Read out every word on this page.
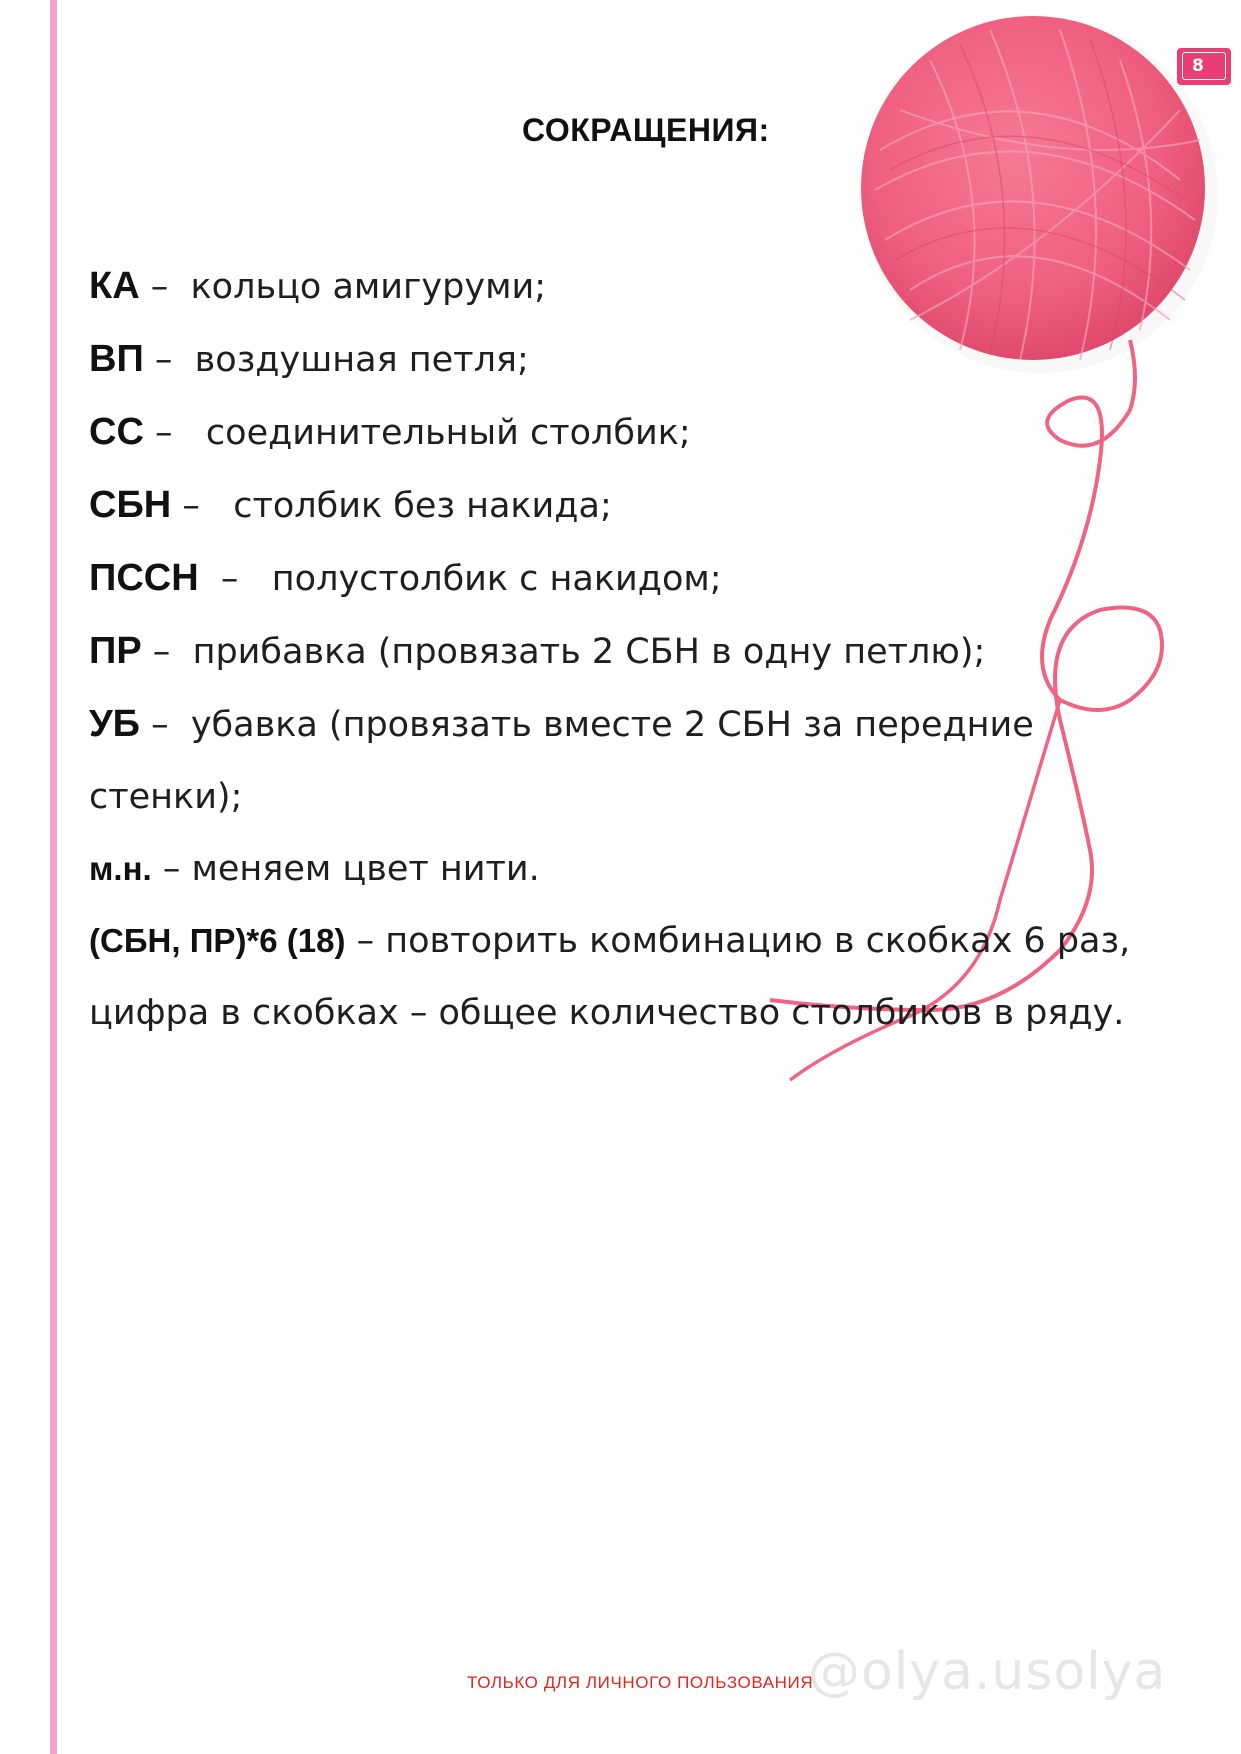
8
СОКРАЩЕНИЯ:

КА –  кольцо амигуруми;

ВП –  воздушная петля;

СС –   соединительный столбик;

СБН –   столбик без накида;

ПССН  –   полустолбик с накидом;

ПР –  прибавка (провязать 2 СБН в одну петлю);

УБ –  убавка (провязать вместе 2 СБН за передние стенки);

м.н. – меняем цвет нити.

(СБН, ПР)*6 (18) – повторить комбинацию в скобках 6 раз, цифра в скобках – общее количество столбиков в ряду.

ТОЛЬКО ДЛЯ ЛИЧНОГО ПОЛЬЗОВАНИЯ
@olya.usolya
